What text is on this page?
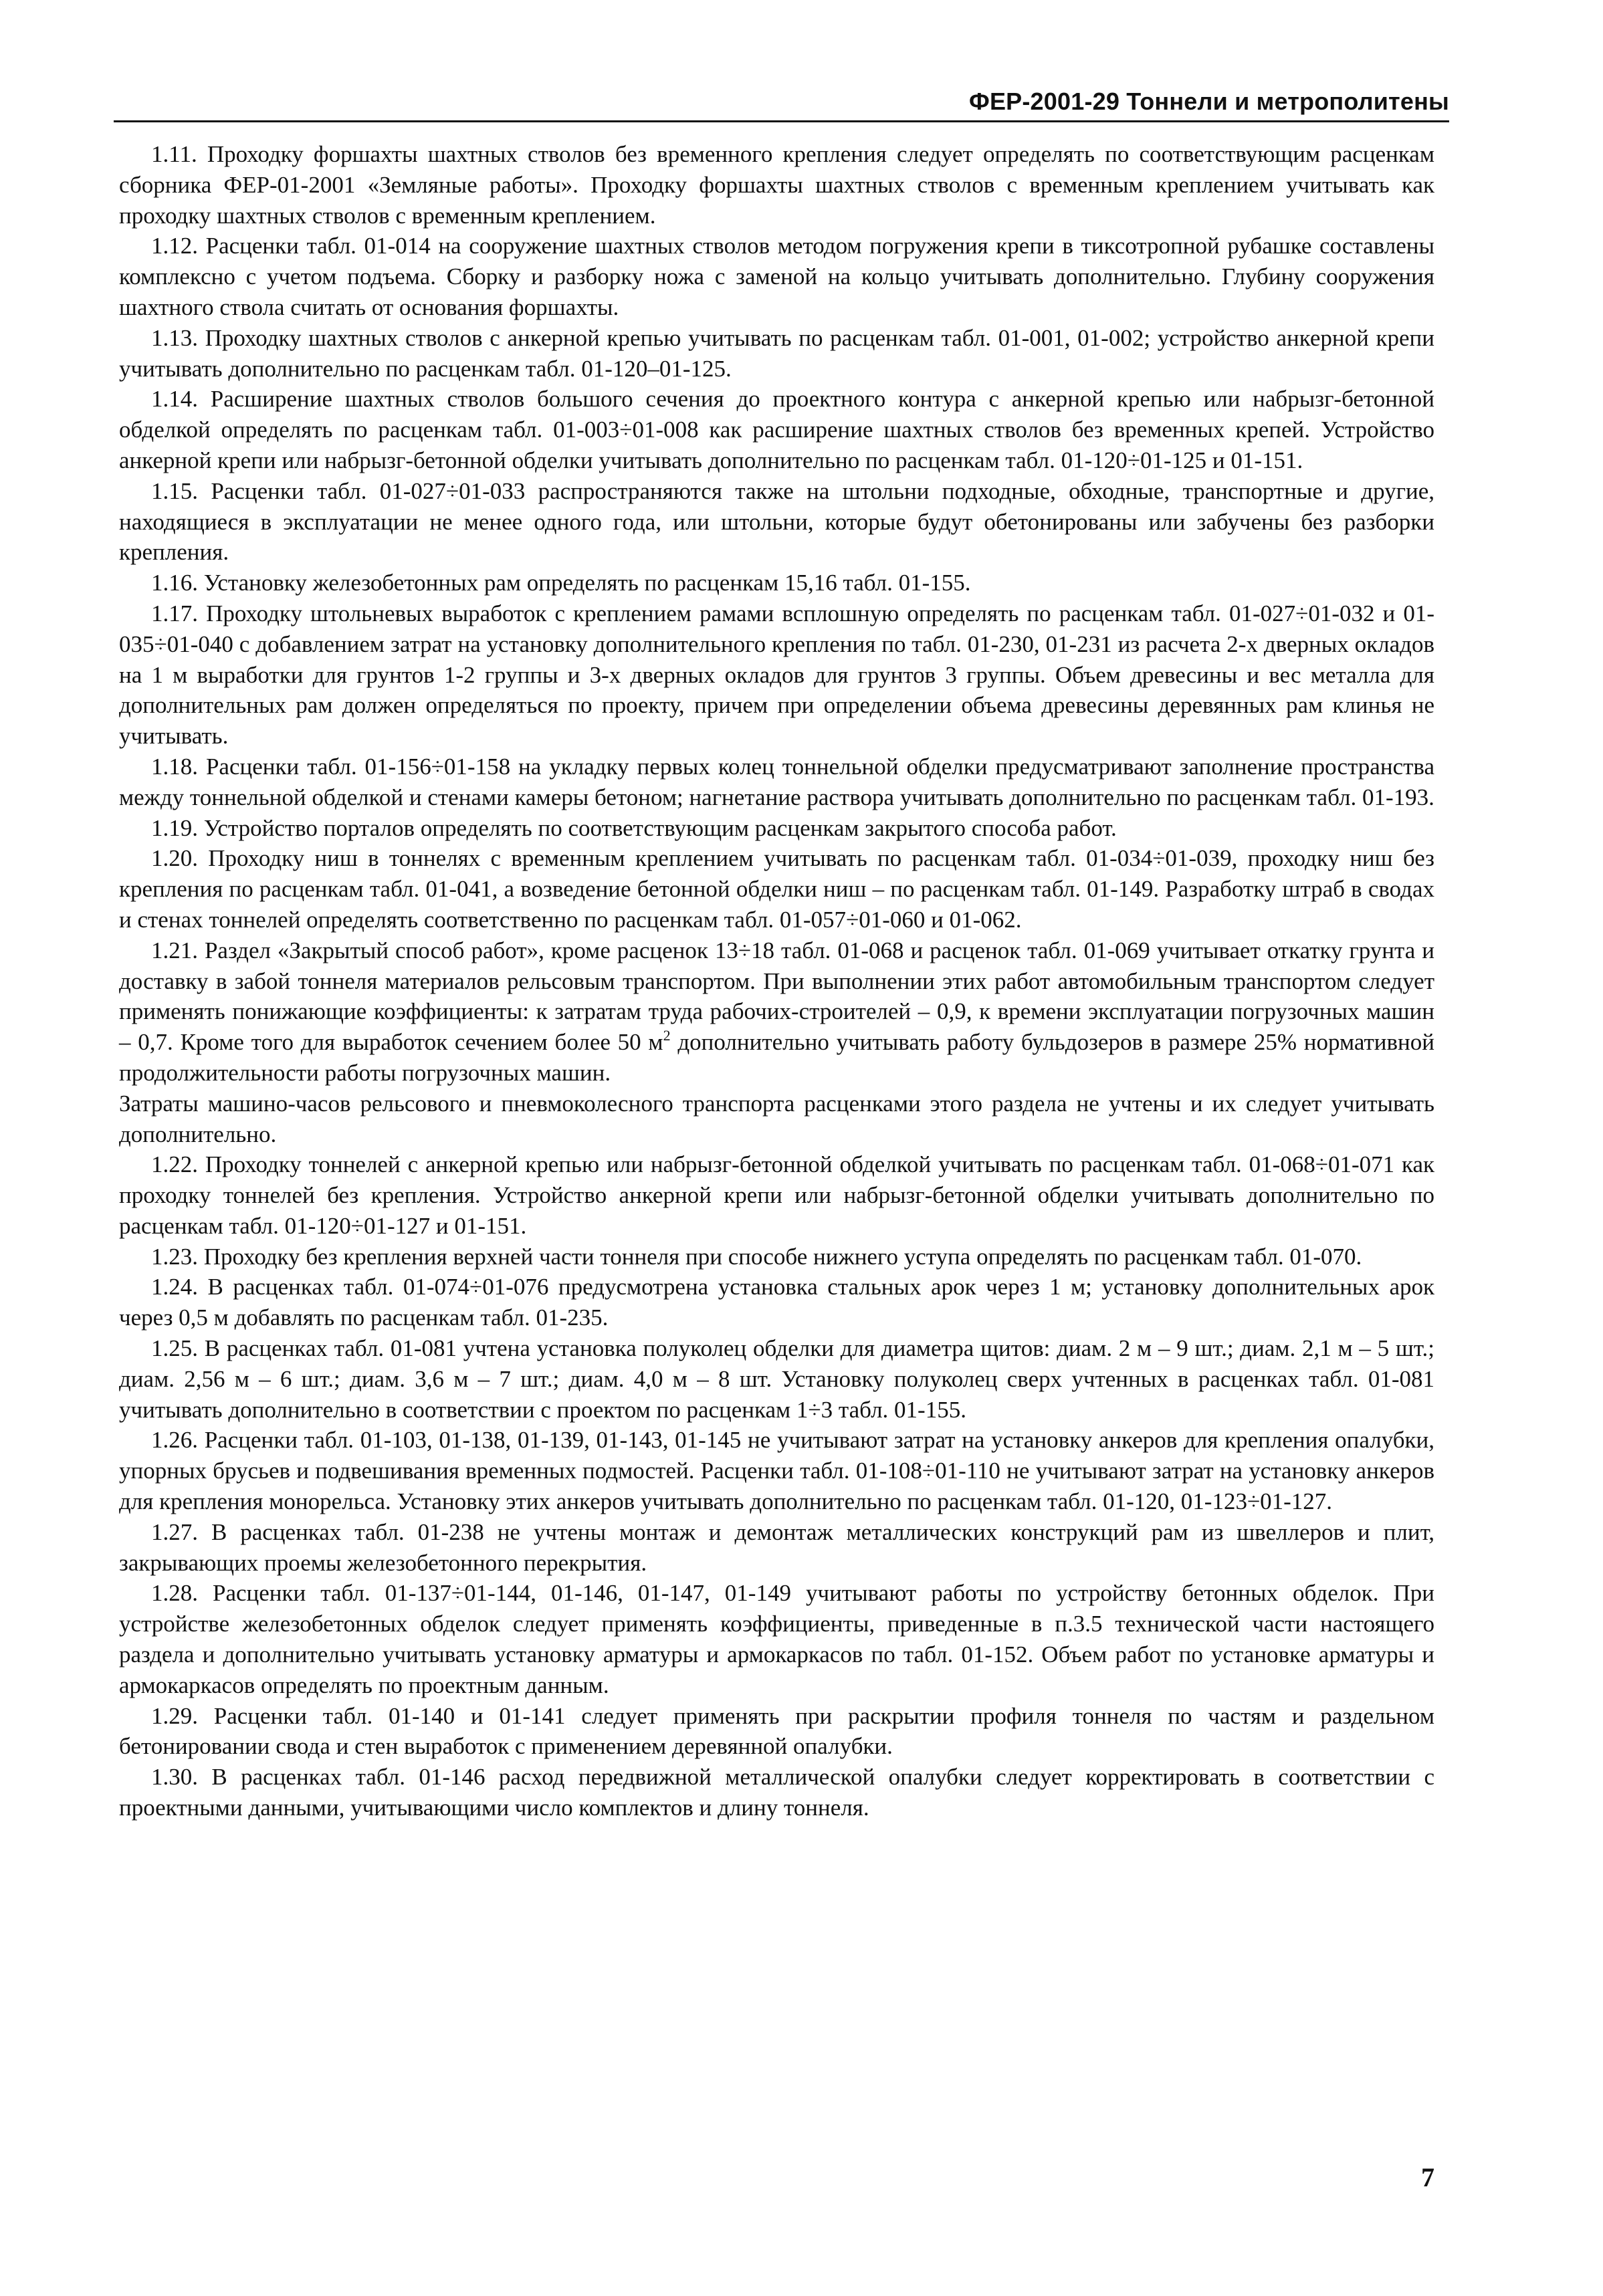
ФЕР-2001-29 Тоннели и метрополитены

1.11. Проходку форшахты шахтных стволов без временного крепления следует определять по соответствующим расценкам сборника ФЕР-01-2001 «Земляные работы». Проходку форшахты шахтных стволов с временным креплением учитывать как проходку шахтных стволов с временным креплением.

1.12. Расценки табл. 01-014 на сооружение шахтных стволов методом погружения крепи в тиксотропной рубашке составлены комплексно с учетом подъема. Сборку и разборку ножа с заменой на кольцо учитывать дополнительно. Глубину сооружения шахтного ствола считать от основания форшахты.

1.13. Проходку шахтных стволов с анкерной крепью учитывать по расценкам табл. 01-001, 01-002; устройство анкерной крепи учитывать дополнительно по расценкам табл. 01-120–01-125.

1.14. Расширение шахтных стволов большого сечения до проектного контура с анкерной крепью или набрызг-бетонной обделкой определять по расценкам табл. 01-003÷01-008 как расширение шахтных стволов без временных крепей. Устройство анкерной крепи или набрызг-бетонной обделки учитывать дополнительно по расценкам табл. 01-120÷01-125 и 01-151.

1.15. Расценки табл. 01-027÷01-033 распространяются также на штольни подходные, обходные, транспортные и другие, находящиеся в эксплуатации не менее одного года, или штольни, которые будут обетонированы или забучены без разборки крепления.

1.16. Установку железобетонных рам определять по расценкам 15,16 табл. 01-155.

1.17. Проходку штольневых выработок с креплением рамами всплошную определять по расценкам табл. 01-027÷01-032 и 01-035÷01-040 с добавлением затрат на установку дополнительного крепления по табл. 01-230, 01-231 из расчета 2-х дверных окладов на 1 м выработки для грунтов 1-2 группы и 3-х дверных окладов для грунтов 3 группы. Объем древесины и вес металла для дополнительных рам должен определяться по проекту, причем при определении объема древесины деревянных рам клинья не учитывать.

1.18. Расценки табл. 01-156÷01-158 на укладку первых колец тоннельной обделки предусматривают заполнение пространства между тоннельной обделкой и стенами камеры бетоном; нагнетание раствора учитывать дополнительно по расценкам табл. 01-193.

1.19. Устройство порталов определять по соответствующим расценкам закрытого способа работ.

1.20. Проходку ниш в тоннелях с временным креплением учитывать по расценкам табл. 01-034÷01-039, проходку ниш без крепления по расценкам табл. 01-041, а возведение бетонной обделки ниш – по расценкам табл. 01-149. Разработку штраб в сводах и стенах тоннелей определять соответственно по расценкам табл. 01-057÷01-060 и 01-062.

1.21. Раздел «Закрытый способ работ», кроме расценок 13÷18 табл. 01-068 и расценок табл. 01-069 учитывает откатку грунта и доставку в забой тоннеля материалов рельсовым транспортом. При выполнении этих работ автомобильным транспортом следует применять понижающие коэффициенты: к затратам труда рабочих-строителей – 0,9, к времени эксплуатации погрузочных машин – 0,7. Кроме того для выработок сечением более 50 $м^2$ дополнительно учитывать работу бульдозеров в размере 25% нормативной продолжительности работы погрузочных машин.

Затраты машино-часов рельсового и пневмоколесного транспорта расценками этого раздела не учтены и их следует учитывать дополнительно.

1.22. Проходку тоннелей с анкерной крепью или набрызг-бетонной обделкой учитывать по расценкам табл. 01-068÷01-071 как проходку тоннелей без крепления. Устройство анкерной крепи или набрызг-бетонной обделки учитывать дополнительно по расценкам табл. 01-120÷01-127 и 01-151.

1.23. Проходку без крепления верхней части тоннеля при способе нижнего уступа определять по расценкам табл. 01-070.

1.24. В расценках табл. 01-074÷01-076 предусмотрена установка стальных арок через 1 м; установку дополнительных арок через 0,5 м добавлять по расценкам табл. 01-235.

1.25. В расценках табл. 01-081 учтена установка полуколец обделки для диаметра щитов: диам. 2 м – 9 шт.; диам. 2,1 м – 5 шт.; диам. 2,56 м – 6 шт.; диам. 3,6 м – 7 шт.; диам. 4,0 м – 8 шт. Установку полуколец сверх учтенных в расценках табл. 01-081 учитывать дополнительно в соответствии с проектом по расценкам 1÷3 табл. 01-155.

1.26. Расценки табл. 01-103, 01-138, 01-139, 01-143, 01-145 не учитывают затрат на установку анкеров для крепления опалубки, упорных брусьев и подвешивания временных подмостей. Расценки табл. 01-108÷01-110 не учитывают затрат на установку анкеров для крепления монорельса. Установку этих анкеров учитывать дополнительно по расценкам табл. 01-120, 01-123÷01-127.

1.27. В расценках табл. 01-238 не учтены монтаж и демонтаж металлических конструкций рам из швеллеров и плит, закрывающих проемы железобетонного перекрытия.

1.28. Расценки табл. 01-137÷01-144, 01-146, 01-147, 01-149 учитывают работы по устройству бетонных обделок. При устройстве железобетонных обделок следует применять коэффициенты, приведенные в п.3.5 технической части настоящего раздела и дополнительно учитывать установку арматуры и армокаркасов по табл. 01-152. Объем работ по установке арматуры и армокаркасов определять по проектным данным.

1.29. Расценки табл. 01-140 и 01-141 следует применять при раскрытии профиля тоннеля по частям и раздельном бетонировании свода и стен выработок с применением деревянной опалубки.

1.30. В расценках табл. 01-146 расход передвижной металлической опалубки следует корректировать в соответствии с проектными данными, учитывающими число комплектов и длину тоннеля.

7
